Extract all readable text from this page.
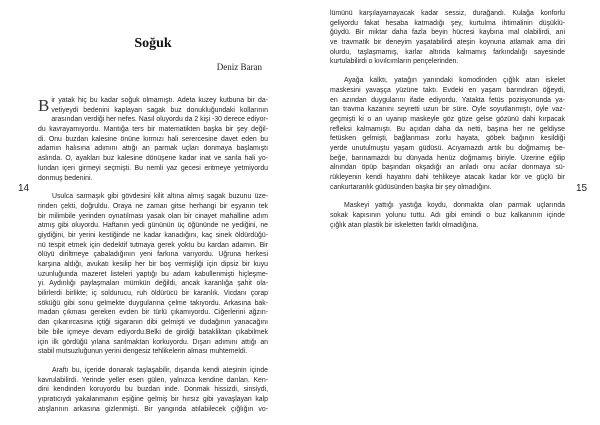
Soğuk
Deniz Baran
B ir yatak hiç bu kadar soğuk olmamıştı. Adeta kuzey kutbuna bir da-
vetiyeydi bedenini kaplayan sagak buz donukluğundaki kollarının
arasından verdiği her nefes. Nasıl oluyordu da 2 kişi -30 derece ediyor-
du kavrayamıyordu. Mantığa ters bir matematikten başka bir şey değil-
di. Onu buzdan kalesine önüne kırmızı hali serercesine davet eden bu
adamın halısına adımını attığı an parmak uçları donmaya başlamıştı
aslında. O, ayakları buz kalesine dönüşene kadar inat ve sarıla hali yo-
lundan içeri girmeyi seçmişti. Bu nemli yaz gecesi eritmeye yetmiyordu
donmuş bedenini.
Usulca sarmaşık gibi gövdesini kilit altına almış sagak buzunu üze-
rinden çekti, doğruldu. Oraya ne zaman gitse herhangi bir eşyanın tek
bir milimbile yerinden oynatılması yasak olan bir cinayet mahalline adım
atmış gibi oluyordu. Haftanın yedi gününün üç öğününde ne yediğini, ne
giydiğini, bir yerini kestiğinde ne kadar kanadığını, kaç sinek öldürdüğü-
nü tespit etmek için dedektif tutmaya gerek yoktu bu kardan adamın. Bir
ölüyü diriltmeye çabaladığının yeni farkına varıyordu. Uğruna herkesi
karşına aldığı, avukatı kesilip her bir boş vermişliği için dipsiz bir kuyu
uzunluğunda mazeret listeleri yaptığı bu adam kabullenmişti hiçleşme-
yi. Aydınlığı paylaşmaları mümkün değildi, ancak karanlığa şahit ola-
bilirlerdi birlikte; iç soldurucu, ruh öldürücü bir karanlık. Vicdanı çorap
söküğü gibi sonu gelmekte duygularına çelme takıyordu. Arkasına bak-
madan çıkması gereken evden bir türlü çıkamıyordu. Ciğerlerini ağzın-
dan çıkarırcasına içtiği sigaranın dibi gelmişti ve dudağının yanacağını
bile bile içmeye devam ediyordu.Belki de girdiği batakliktan çıkabilmek
için ilk gördüğü yılana sarılmaktan korkuyordu. Dışarı adımını attığı an
stabil mutsuzluğunun yerini dengesiz tehlikelerin alması muhtemeldi.
Araftı bu, içeride donarak taşlaşabilir, dışarıda kendi ateşinin içinde
kavrulabilirdi. Yerinde yeller esen gülen, yalnızca kendine darılan. Ken-
dini kendinden koruyordu bu buzdan inde. Donmak hissizdi, sinsiydi,
yıpratıcıydı yakalanmanın eşiğine gelmiş bir hırsız gibi yavaşlayan kalp
atışlarının arkasına gizlenmişti. Bir yangında atılabilecek çığlığın vo-
14
lümünü karşılayamayacak kadar sessiz, durağandı. Kulağa konforlu
geliyordu fakat hesaba katmadığı şey, kurtulma ihtimalinin düşüklü-
ğüydü. Bir miktar daha fazla beyin hücresi kaybına mal olabilirdi, ani
ve travmatik bir deneyim yaşatabilirdi ateşin koynuna atlamak ama diri
olurdu, taşlaşmamış, karlar altında kalmamış farkındalığı sayesinde
kurtulabilirdi o kıvılcımların pençelerinden.
Ayağa kalktı, yatağın yanındaki komodinden çığlık atan iskelet
maskesini yavaşça yüzüne taktı. Evdeki en yaşam barındıran öğeydi,
en azından duygularını ifade ediyordu. Yatakta fetüs pozisyonunda ya-
tan travma kazanını seyretti uzun bir süre. Öyle soyutlanmıştı, öyle vaz-
geçmişti ki o an uyanıp maskeyle göz göze gelse gözünü dahi kırpacak
refleksi kalmamıştı. Bu açıdan daha da netti, başına her ne geldiyse
fetüsken gelmişti, bağlanması zorlu hayata, göbek bağının kesildiği
yerde unutulmuştu yaşam güdüsü. Acıyamazdı artık bu doğmamış be-
beğe, barınamazdı bu dünyada henüz doğmamış biriyle. Üzerine eğilip
alnından öpüp başından okşadığı an anladı onu acılar donmaya sü-
rükleyenin kendi hayatını dahi tehlikeye atacak kadar kör ve güçlü bir
cankurtaranlık güdüsünden başka bir şey olmadığını.
Maskeyi yattığı yastığa koydu, donmakta olan parmak uçlarında
sokak kapısının yolunu tuttu. Adı gibi emindi o buz kalkanının içinde
çığlık atan plastik bir iskeletten farklı olmadığına.
15
